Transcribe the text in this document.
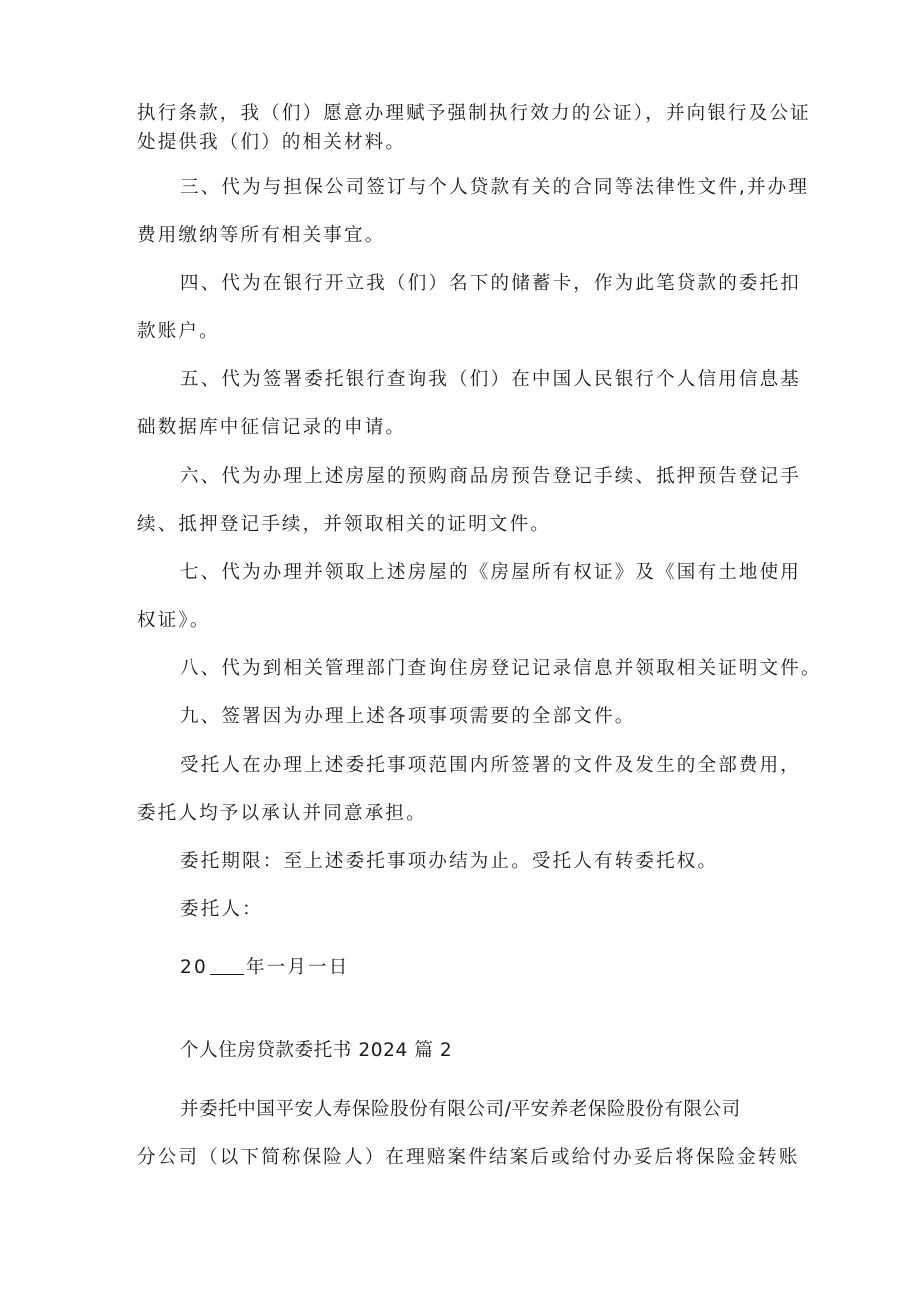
执行条款，我（们）愿意办理赋予强制执行效力的公证），并向银行及公证
处提供我（们）的相关材料。
三、代为与担保公司签订与个人贷款有关的合同等法律性文件,并办理
费用缴纳等所有相关事宜。
四、代为在银行开立我（们）名下的储蓄卡，作为此笔贷款的委托扣
款账户。
五、代为签署委托银行查询我（们）在中国人民银行个人信用信息基
础数据库中征信记录的申请。
六、代为办理上述房屋的预购商品房预告登记手续、抵押预告登记手
续、抵押登记手续，并领取相关的证明文件。
七、代为办理并领取上述房屋的《房屋所有权证》及《国有土地使用
权证》。
八、代为到相关管理部门查询住房登记记录信息并领取相关证明文件。
九、签署因为办理上述各项事项需要的全部文件。
受托人在办理上述委托事项范围内所签署的文件及发生的全部费用，
委托人均予以承认并同意承担。
委托期限：至上述委托事项办结为止。受托人有转委托权。
委托人：
20 年一月一日
个人住房贷款委托书 2024 篇 2
并委托中国平安人寿保险股份有限公司/平安养老保险股份有限公司
分公司（以下简称保险人）在理赔案件结案后或给付办妥后将保险金转账
